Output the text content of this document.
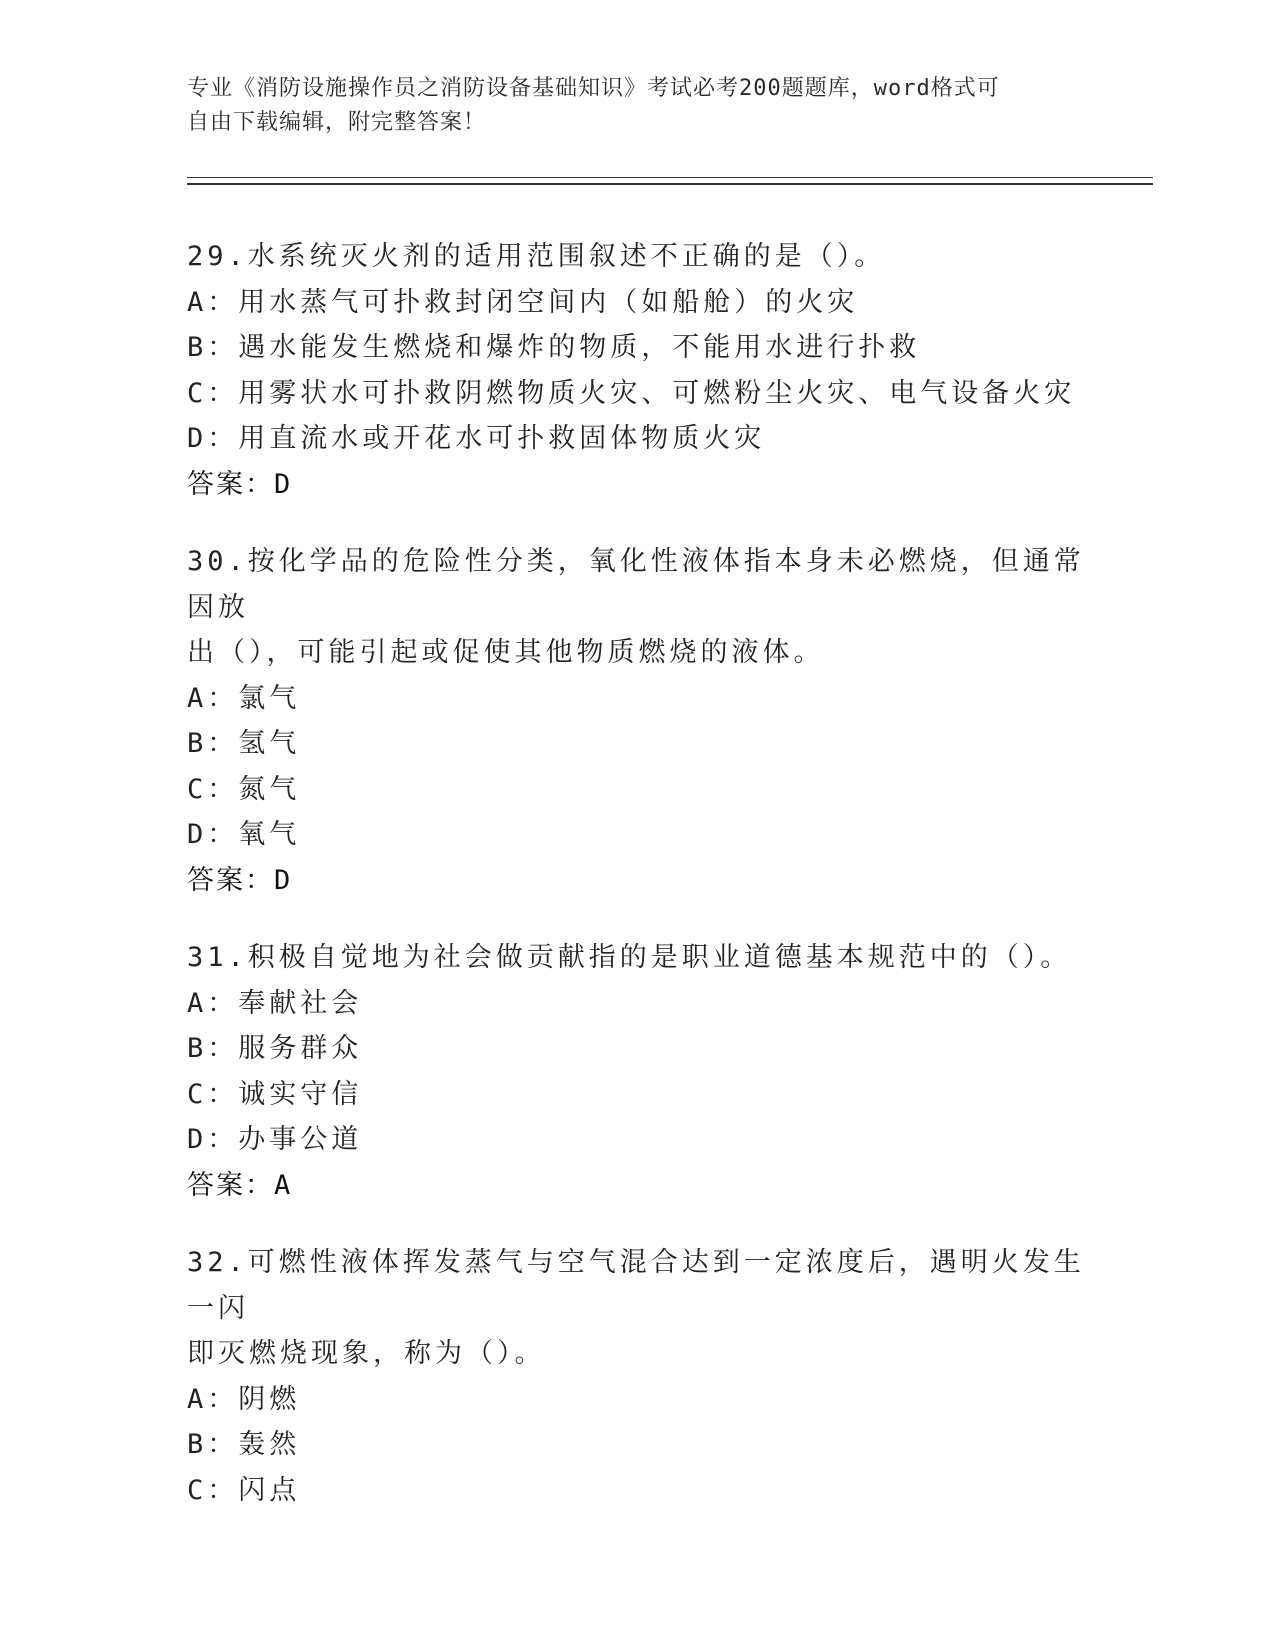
专业《消防设施操作员之消防设备基础知识》考试必考200题题库，word格式可
自由下载编辑，附完整答案！
29.水系统灭火剂的适用范围叙述不正确的是（）。
A：用水蒸气可扑救封闭空间内（如船舱）的火灾
B：遇水能发生燃烧和爆炸的物质，不能用水进行扑救
C：用雾状水可扑救阴燃物质火灾、可燃粉尘火灾、电气设备火灾
D：用直流水或开花水可扑救固体物质火灾
答案：D
30.按化学品的危险性分类，氧化性液体指本身未必燃烧，但通常因放
出（），可能引起或促使其他物质燃烧的液体。
A：氯气
B：氢气
C：氮气
D：氧气
答案：D
31.积极自觉地为社会做贡献指的是职业道德基本规范中的（）。
A：奉献社会
B：服务群众
C：诚实守信
D：办事公道
答案：A
32.可燃性液体挥发蒸气与空气混合达到一定浓度后，遇明火发生一闪
即灭燃烧现象，称为（）。
A：阴燃
B：轰然
C：闪点
